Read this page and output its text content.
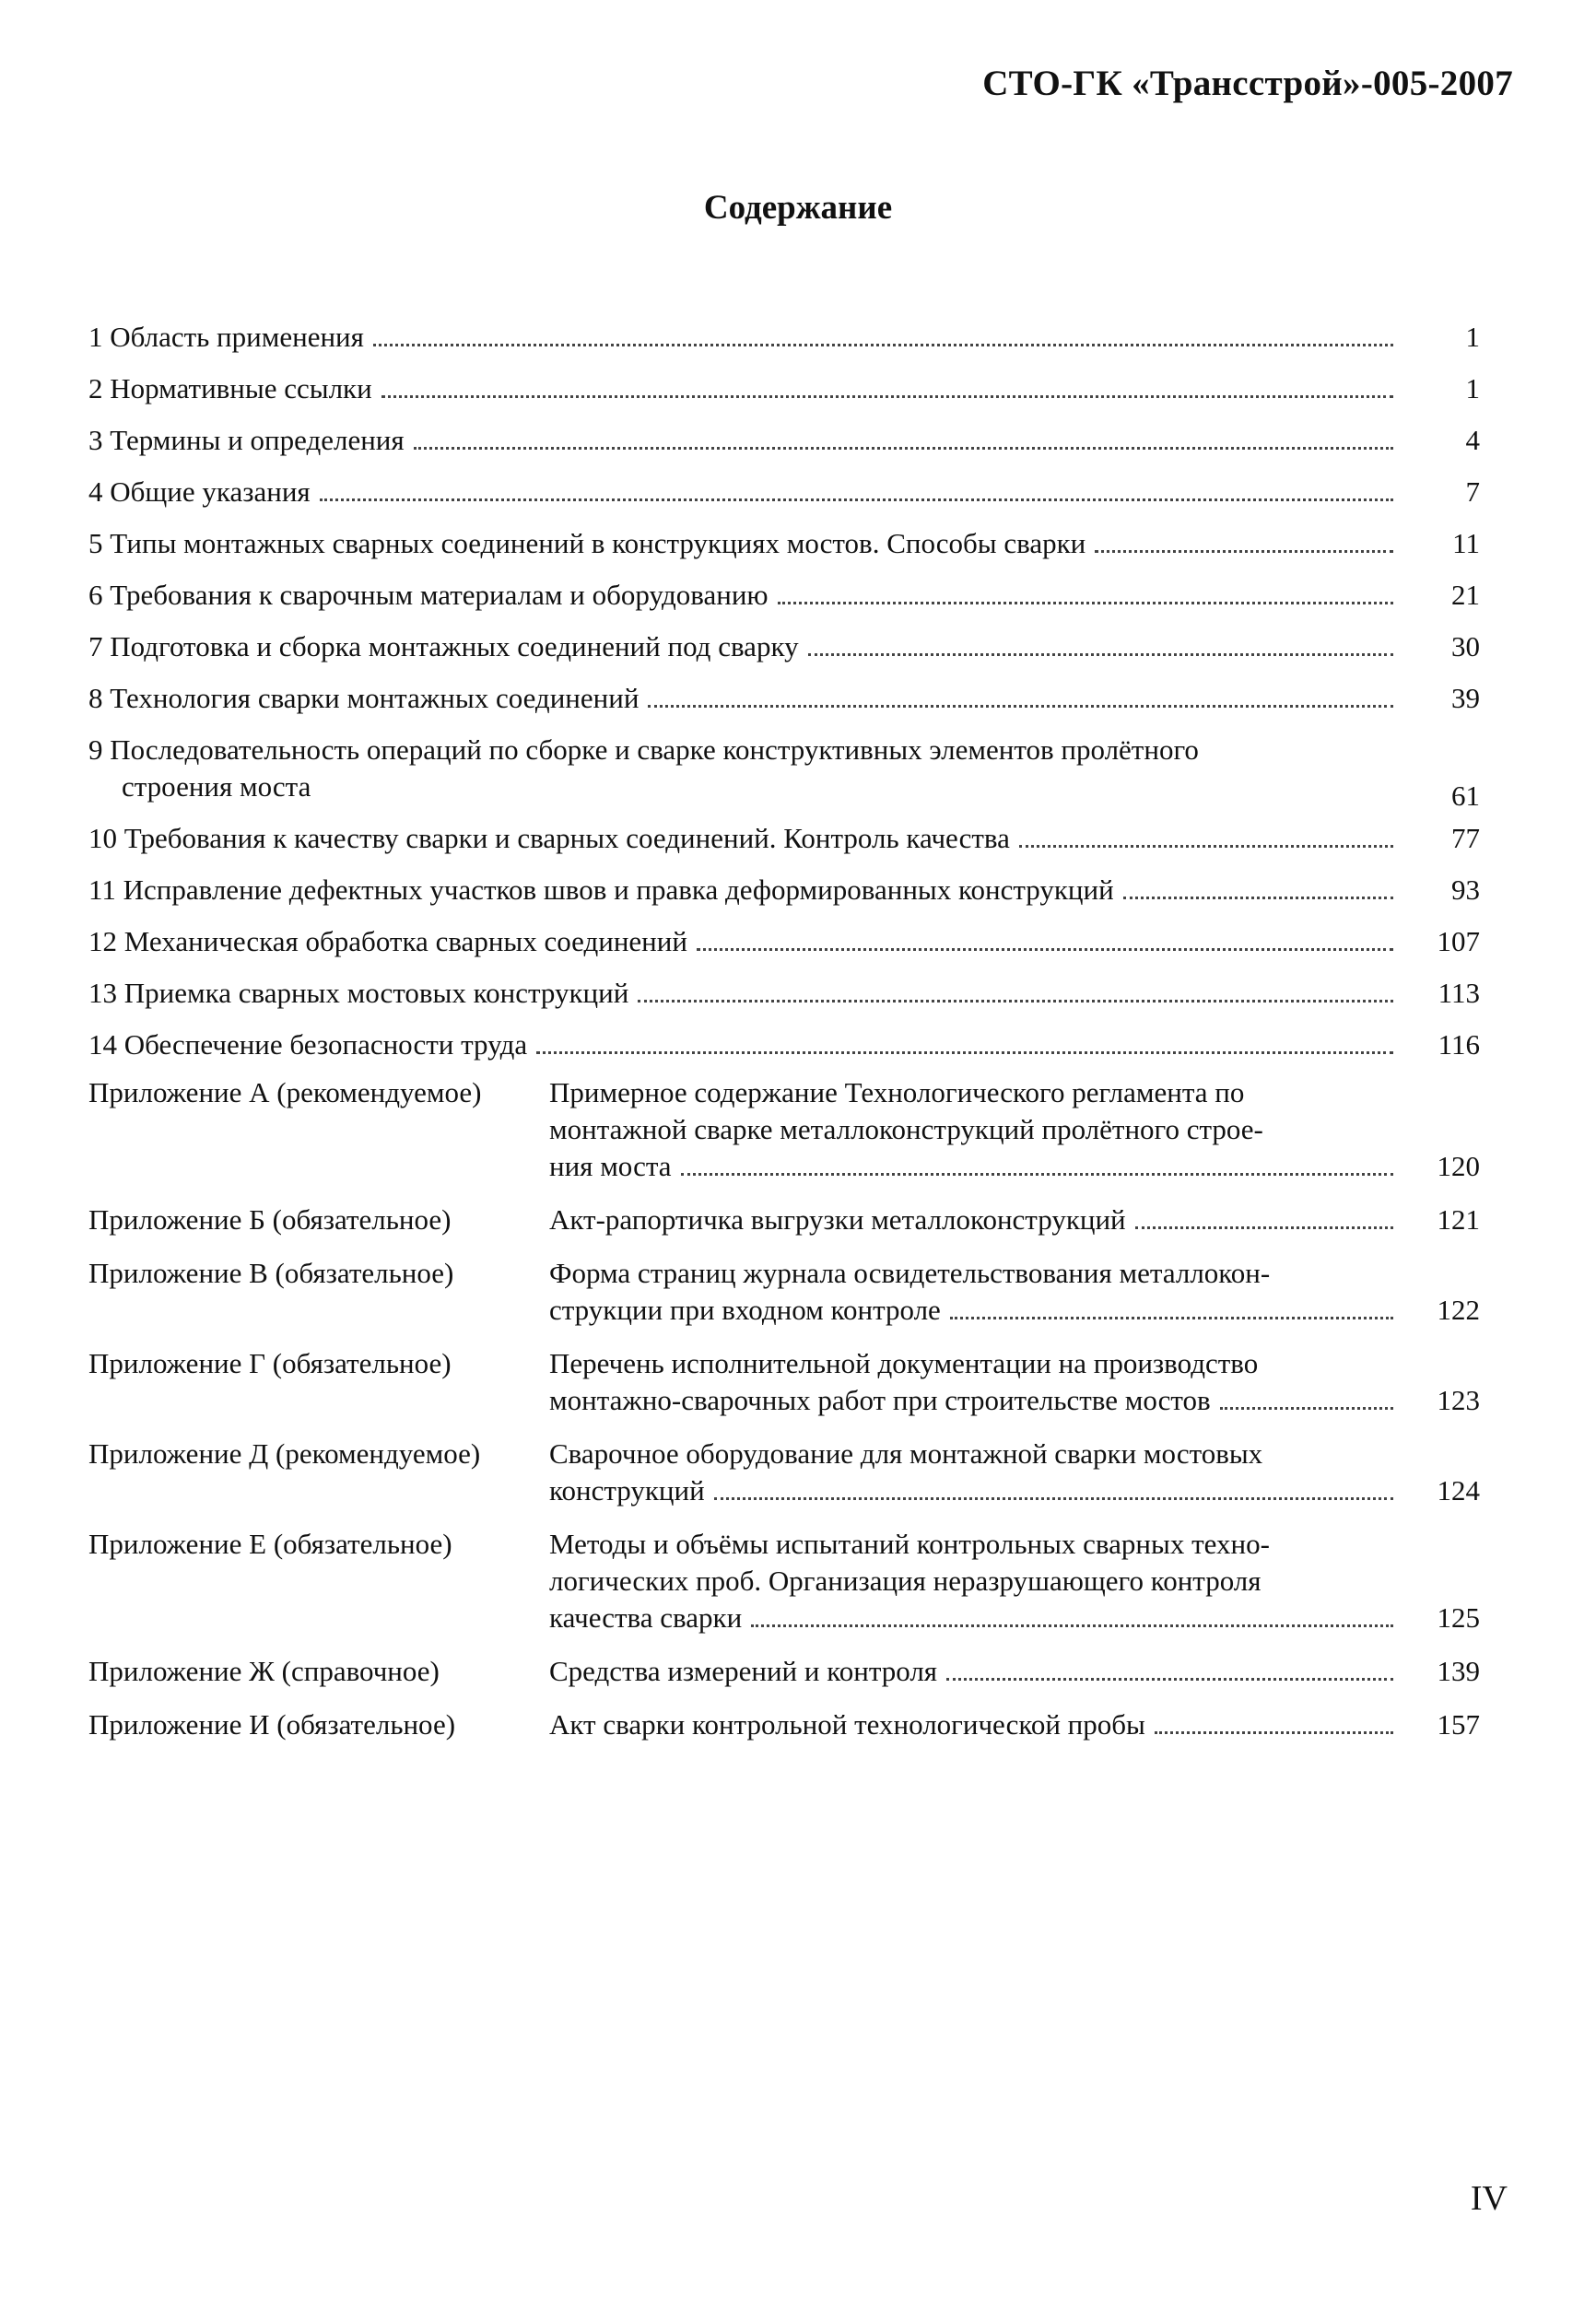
СТО-ГК «Трансстрой»-005-2007
Содержание
1 Область применения	1
2 Нормативные ссылки	1
3 Термины и определения	4
4 Общие указания	7
5 Типы монтажных сварных соединений в конструкциях мостов. Способы сварки	11
6 Требования к сварочным материалам и оборудованию	21
7 Подготовка и сборка монтажных соединений под сварку	30
8 Технология сварки монтажных соединений	39
9 Последовательность операций по сборке и сварке конструктивных элементов пролётного
строения моста	61
10 Требования к качеству сварки и сварных соединений. Контроль качества	77
11 Исправление дефектных участков швов и правка деформированных конструкций	93
12 Механическая обработка сварных соединений	107
13 Приемка сварных мостовых конструкций	113
14 Обеспечение безопасности труда	116
Приложение А (рекомендуемое)	Примерное содержание Технологического регламента по
монтажной сварке металлоконструкций пролётного строе-
ния моста	120
Приложение Б (обязательное)	Акт-рапортичка выгрузки металлоконструкций	121
Приложение В (обязательное)	Форма страниц журнала освидетельствования металлокон-
струкции при входном контроле	122
Приложение Г (обязательное)	Перечень исполнительной документации на производство
монтажно-сварочных работ при строительстве мостов	123
Приложение Д (рекомендуемое)	Сварочное оборудование для монтажной сварки мостовых
конструкций	124
Приложение Е (обязательное)	Методы и объёмы испытаний контрольных сварных техно-
логических проб. Организация неразрушающего контроля
качества сварки	125
Приложение Ж (справочное)	Средства измерений и контроля	139
Приложение И (обязательное)	Акт сварки контрольной технологической пробы	157
IV
